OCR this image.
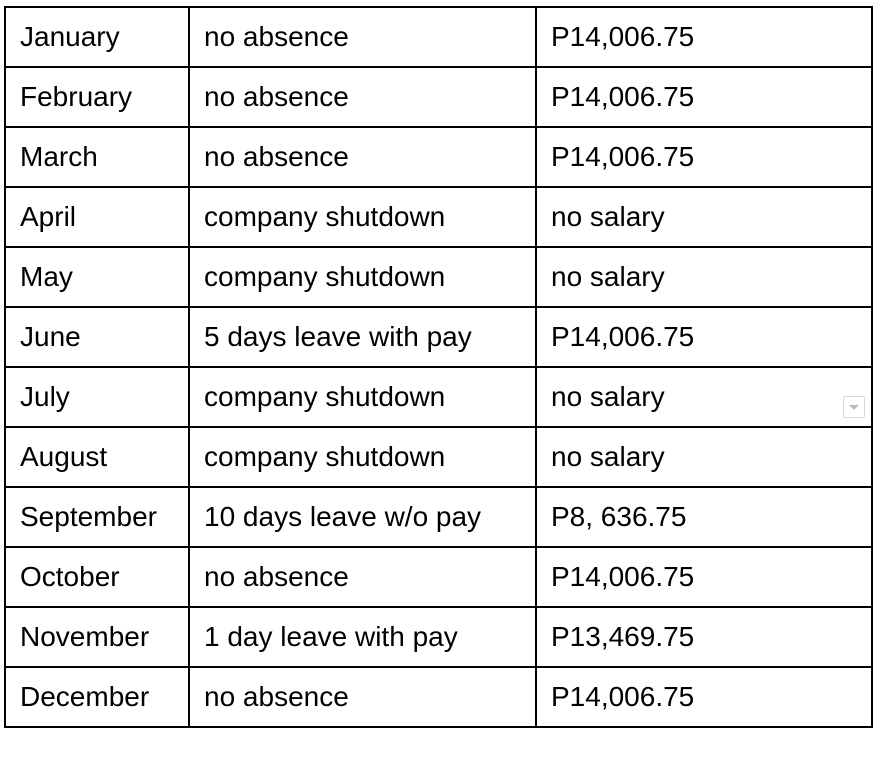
January	no absence	P14,006.75
February	no absence	P14,006.75
March	no absence	P14,006.75
April	company shutdown	no salary
May	company shutdown	no salary
June	5 days leave with pay	P14,006.75
July	company shutdown	no salary
August	company shutdown	no salary
September	10 days leave w/o pay	P8, 636.75
October	no absence	P14,006.75
November	1 day leave with pay	P13,469.75
December	no absence	P14,006.75
